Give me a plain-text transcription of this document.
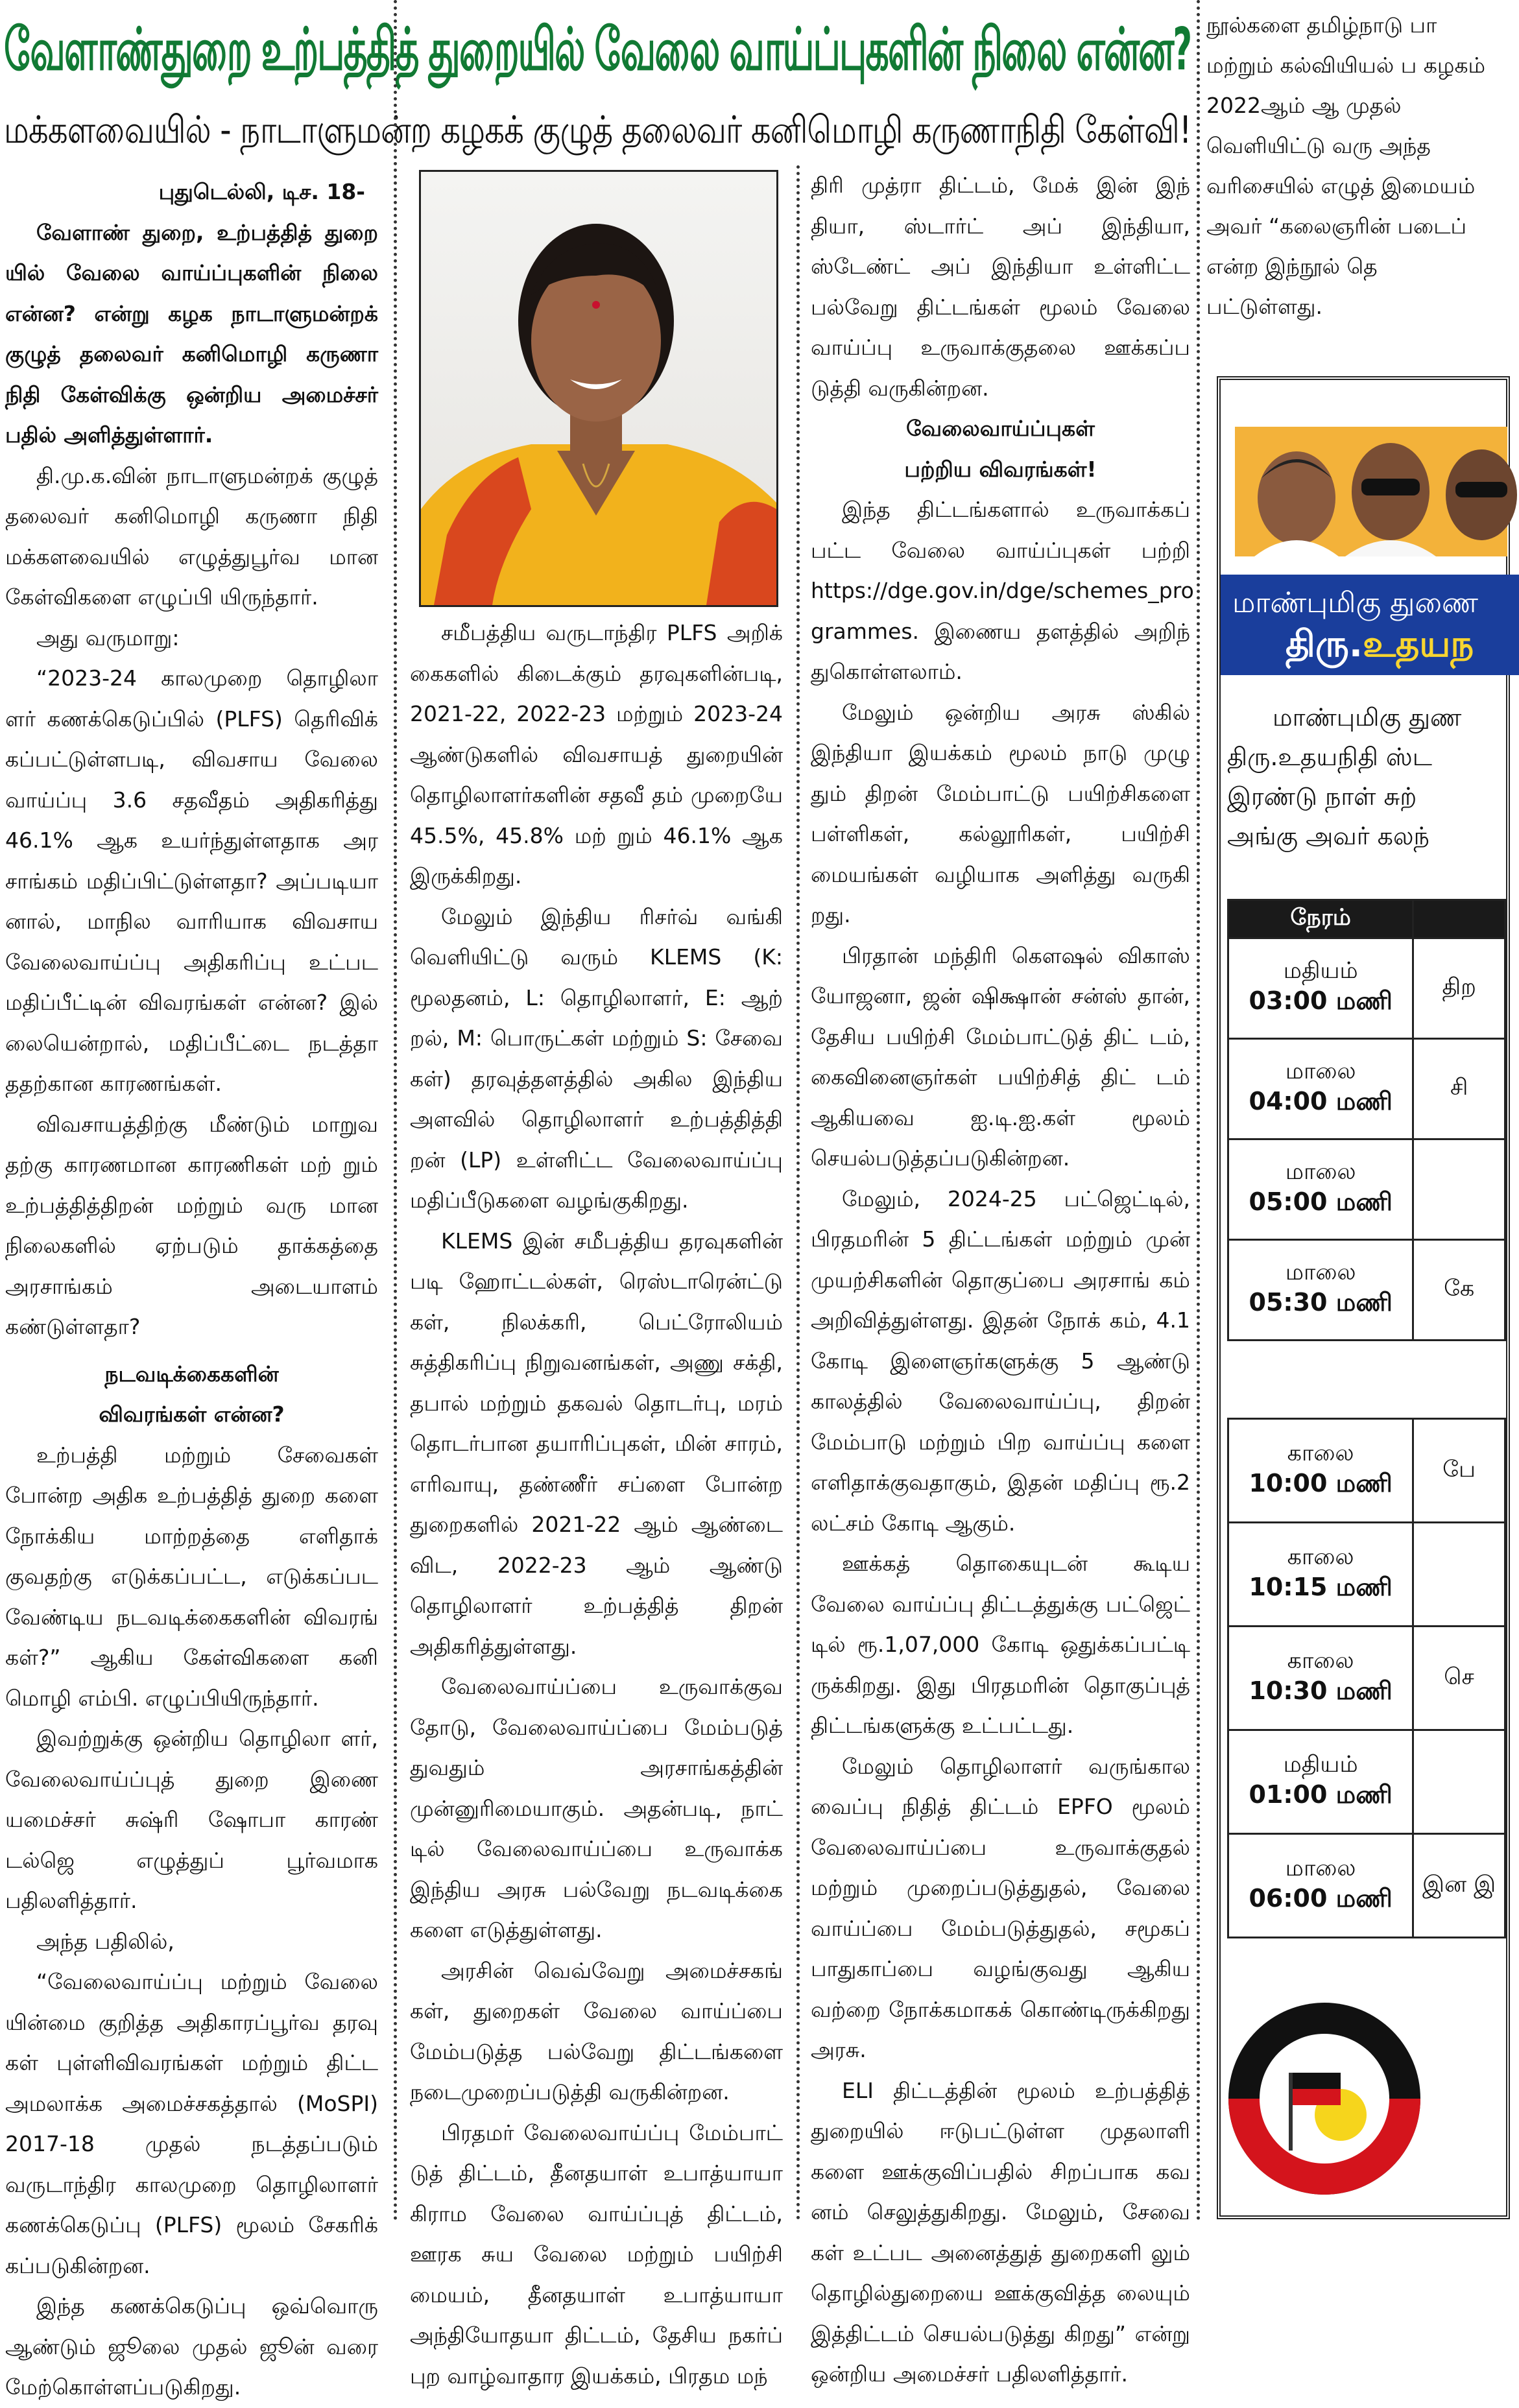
வேளாண்துறை உற்பத்தித் துறையில் வேலை வாய்ப்புகளின் நிலை என்ன?
மக்களவையில் - நாடாளுமன்ற கழகக் குழுத் தலைவர் கனிமொழி கருணாநிதி கேள்வி!

புதுடெல்லி, டிச. 18-

வேளாண் துறை, உற்பத்தித் துறை யில் வேலை வாய்ப்புகளின் நிலை என்ன? என்று கழக நாடாளுமன்றக் குழுத் தலைவர் கனிமொழி கருணா நிதி கேள்விக்கு ஒன்றிய அமைச்சர் பதில் அளித்துள்ளார்.

தி.மு.க.வின் நாடாளுமன்றக் குழுத் தலைவர் கனிமொழி கருணா நிதி மக்களவையில் எழுத்துபூர்வ மான கேள்விகளை எழுப்பி யிருந்தார்.

அது வருமாறு:

“2023-24 காலமுறை தொழிலா ளர் கணக்கெடுப்பில் (PLFS) தெரிவிக் கப்பட்டுள்ளபடி, விவசாய வேலை வாய்ப்பு 3.6 சதவீதம் அதிகரித்து 46.1% ஆக உயர்ந்துள்ளதாக அர சாங்கம் மதிப்பிட்டுள்ளதா? அப்படியா னால், மாநில வாரியாக விவசாய வேலைவாய்ப்பு அதிகரிப்பு உட்பட மதிப்பீட்டின் விவரங்கள் என்ன? இல் லையென்றால், மதிப்பீட்டை நடத்தா ததற்கான காரணங்கள்.

விவசாயத்திற்கு மீண்டும் மாறுவ தற்கு காரணமான காரணிகள் மற் றும் உற்பத்தித்திறன் மற்றும் வரு மான நிலைகளில் ஏற்படும் தாக்கத்தை அரசாங்கம் அடையாளம் கண்டுள்ளதா?

நடவடிக்கைகளின்

விவரங்கள் என்ன?

உற்பத்தி மற்றும் சேவைகள் போன்ற அதிக உற்பத்தித் துறை களை நோக்கிய மாற்றத்தை எளிதாக் குவதற்கு எடுக்கப்பட்ட, எடுக்கப்பட வேண்டிய நடவடிக்கைகளின் விவரங் கள்?” ஆகிய கேள்விகளை கனி மொழி எம்பி. எழுப்பியிருந்தார்.

இவற்றுக்கு ஒன்றிய தொழிலா ளர், வேலைவாய்ப்புத் துறை இணை யமைச்சர் சுஷ்ரி ஷோபா காரண் டல்ஜெ எழுத்துப் பூர்வமாக பதிலளித்தார்.

அந்த பதிலில்,

“வேலைவாய்ப்பு மற்றும் வேலை யின்மை குறித்த அதிகாரப்பூர்வ தரவு கள் புள்ளிவிவரங்கள் மற்றும் திட்ட அமலாக்க அமைச்சகத்தால் (MoSPI) 2017-18 முதல் நடத்தப்படும் வருடாந்திர காலமுறை தொழிலாளர் கணக்கெடுப்பு (PLFS) மூலம் சேகரிக் கப்படுகின்றன.

இந்த கணக்கெடுப்பு ஒவ்வொரு ஆண்டும் ஜூலை முதல் ஜூன் வரை மேற்கொள்ளப்படுகிறது.

சமீபத்திய வருடாந்திர PLFS அறிக் கைகளில் கிடைக்கும் தரவுகளின்படி, 2021-22, 2022-23 மற்றும் 2023-24 ஆண்டுகளில் விவசாயத் துறையின் தொழிலாளர்களின் சதவீ தம் முறையே 45.5%, 45.8% மற் றும் 46.1% ஆக இருக்கிறது.

மேலும் இந்திய ரிசர்வ் வங்கி வெளியிட்டு வரும் KLEMS (K: மூலதனம், L: தொழிலாளர், E: ஆற் றல், M: பொருட்கள் மற்றும் S: சேவை கள்) தரவுத்தளத்தில் அகில இந்திய அளவில் தொழிலாளர் உற்பத்தித்தி றன் (LP) உள்ளிட்ட வேலைவாய்ப்பு மதிப்பீடுகளை வழங்குகிறது.

KLEMS இன் சமீபத்திய தரவுகளின் படி ஹோட்டல்கள், ரெஸ்டாரென்ட்டு கள், நிலக்கரி, பெட்ரோலியம் சுத்திகரிப்பு நிறுவனங்கள், அணு சக்தி, தபால் மற்றும் தகவல் தொடர்பு, மரம் தொடர்பான தயாரிப்புகள், மின் சாரம், எரிவாயு, தண்ணீர் சப்ளை போன்ற துறைகளில் 2021-22 ஆம் ஆண்டை விட, 2022-23 ஆம் ஆண்டு தொழிலாளர் உற்பத்தித் திறன் அதிகரித்துள்ளது.

வேலைவாய்ப்பை உருவாக்குவ தோடு, வேலைவாய்ப்பை மேம்படுத் துவதும் அரசாங்கத்தின் முன்னுரிமையாகும். அதன்படி, நாட் டில் வேலைவாய்ப்பை உருவாக்க இந்திய அரசு பல்வேறு நடவடிக்கை களை எடுத்துள்ளது.

அரசின் வெவ்வேறு அமைச்சகங் கள், துறைகள் வேலை வாய்ப்பை மேம்படுத்த பல்வேறு திட்டங்களை நடைமுறைப்படுத்தி வருகின்றன.

பிரதமர் வேலைவாய்ப்பு மேம்பாட் டுத் திட்டம், தீனதயாள் உபாத்யாயா கிராம வேலை வாய்ப்புத் திட்டம், ஊரக சுய வேலை மற்றும் பயிற்சி மையம், தீனதயாள் உபாத்யாயா அந்தியோதயா திட்டம், தேசிய நகர்ப் புற வாழ்வாதார இயக்கம், பிரதம மந்

திரி முத்ரா திட்டம், மேக் இன் இந் தியா, ஸ்டார்ட் அப் இந்தியா, ஸ்டேண்ட் அப் இந்தியா உள்ளிட்ட பல்வேறு திட்டங்கள் மூலம் வேலை வாய்ப்பு உருவாக்குதலை ஊக்கப்ப டுத்தி வருகின்றன.

வேலைவாய்ப்புகள்

பற்றிய விவரங்கள்!

இந்த திட்டங்களால் உருவாக்கப் பட்ட வேலை வாய்ப்புகள் பற்றி https://dge.gov.in/dge/schemes_pro grammes. இணைய தளத்தில் அறிந் துகொள்ளலாம்.

மேலும் ஒன்றிய அரசு ஸ்கில் இந்தியா இயக்கம் மூலம் நாடு முழு தும் திறன் மேம்பாட்டு பயிற்சிகளை பள்ளிகள், கல்லூரிகள், பயிற்சி மையங்கள் வழியாக அளித்து வருகி றது.

பிரதான் மந்திரி கௌஷல் விகாஸ் யோஜனா, ஜன் ஷிக்ஷான் சன்ஸ் தான், தேசிய பயிற்சி மேம்பாட்டுத் திட் டம், கைவினைஞர்கள் பயிற்சித் திட் டம் ஆகியவை ஐ.டி.ஐ.கள் மூலம் செயல்படுத்தப்படுகின்றன.

மேலும், 2024-25 பட்ஜெட்டில், பிரதமரின் 5 திட்டங்கள் மற்றும் முன் முயற்சிகளின் தொகுப்பை அரசாங் கம் அறிவித்துள்ளது. இதன் நோக் கம், 4.1 கோடி இளைஞர்களுக்கு 5 ஆண்டு காலத்தில் வேலைவாய்ப்பு, திறன் மேம்பாடு மற்றும் பிற வாய்ப்பு களை எளிதாக்குவதாகும், இதன் மதிப்பு ரூ.2 லட்சம் கோடி ஆகும்.

ஊக்கத் தொகையுடன் கூடிய வேலை வாய்ப்பு திட்டத்துக்கு பட்ஜெட் டில் ரூ.1,07,000 கோடி ஒதுக்கப்பட்டி ருக்கிறது. இது பிரதமரின் தொகுப்புத் திட்டங்களுக்கு உட்பட்டது.

மேலும் தொழிலாளர் வருங்கால வைப்பு நிதித் திட்டம் EPFO மூலம் வேலைவாய்ப்பை உருவாக்குதல் மற்றும் முறைப்படுத்துதல், வேலை வாய்ப்பை மேம்படுத்துதல், சமூகப் பாதுகாப்பை வழங்குவது ஆகிய வற்றை நோக்கமாகக் கொண்டிருக்கிறது அரசு.

ELI திட்டத்தின் மூலம் உற்பத்தித் துறையில் ஈடுபட்டுள்ள முதலாளி களை ஊக்குவிப்பதில் சிறப்பாக கவ னம் செலுத்துகிறது. மேலும், சேவை கள் உட்பட அனைத்துத் துறைகளி லும் தொழில்துறையை ஊக்குவித்த லையும் இத்திட்டம் செயல்படுத்து கிறது” என்று ஒன்றிய அமைச்சர் பதிலளித்தார்.

நூல்களை தமிழ்நாடு பா மற்றும் கல்வியியல் ப கழகம் 2022ஆம் ஆ முதல் வெளியிட்டு வரு அந்த வரிசையில் எழுத் இமையம் அவர் “கலைஞரின் படைப் என்ற இந்நூல் தெ பட்டுள்ளது.

மாண்புமிகு துணை
திரு.உதயந

மாண்புமிகு துண

திரு.உதயநிதி ஸ்ட

இரண்டு நாள் சுற்

அங்கு அவர் கலந்

நேரம்	

மதியம்
03:00 மணி	திற

மாலை
04:00 மணி	சி

மாலை
05:00 மணி	

மாலை
05:30 மணி	கே
காலை
10:00 மணி	பே

காலை
10:15 மணி	

காலை
10:30 மணி	செ

மதியம்
01:00 மணி	

மாலை
06:00 மணி	இன இ
